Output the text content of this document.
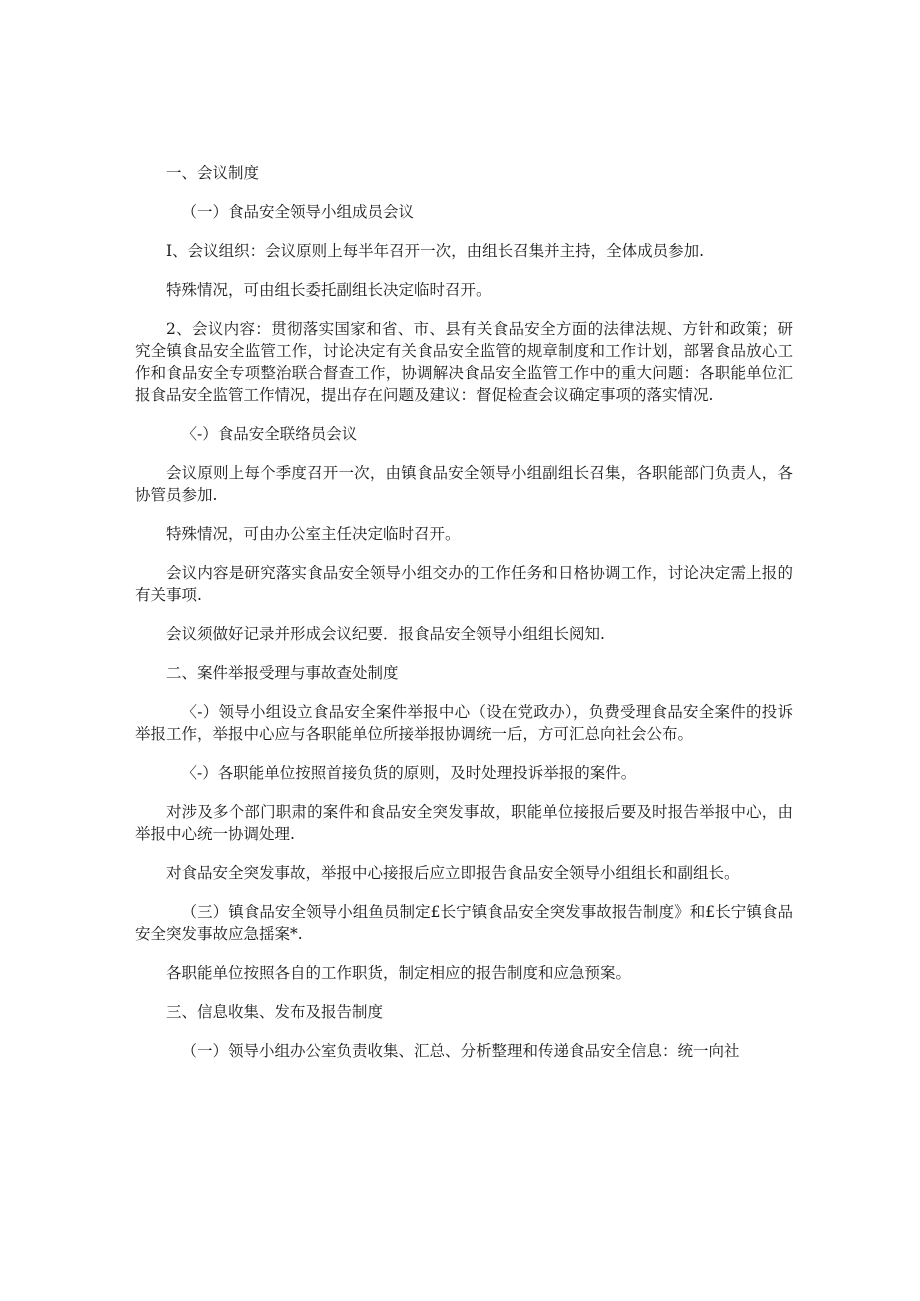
一、会议制度

（一）食品安全领导小组成员会议

I、会议组织：会议原则上每半年召开一次，由组长召集并主持，全体成员参加.

特殊情况，可由组长委托副组长决定临时召开。

2、会议内容：贯彻落实国家和省、市、县有关食品安全方面的法律法规、方针和政策；研究全镇食品安全监管工作，讨论决定有关食品安全监管的规章制度和工作计划，部署食品放心工作和食品安全专项整治联合督查工作，协调解决食品安全监管工作中的重大问题：各职能单位汇报食品安全监管工作情况，提出存在问题及建议：督促检查会议确定事项的落实情况.

〈-）食品安全联络员会议

会议原则上每个季度召开一次，由镇食品安全领导小组副组长召集，各职能部门负责人，各协管员参加.

特殊情况，可由办公室主任决定临时召开。

会议内容是研究落实食品安全领导小组交办的工作任务和日格协调工作，讨论决定需上报的有关事项.

会议须做好记录并形成会议纪要．报食品安全领导小组组长阅知.

二、案件举报受理与事故查处制度

〈-）领导小组设立食品安全案件举报中心（设在党政办），负费受理食品安全案件的投诉举报工作，举报中心应与各职能单位所接举报协调统一后，方可汇总向社会公布。

〈-）各职能单位按照首接负货的原则，及时处理投诉举报的案件。

对涉及多个部门职肃的案件和食品安全突发事故，职能单位接报后要及时报告举报中心，由举报中心统一协调处理.

对食品安全突发事故，举报中心接报后应立即报告食品安全领导小组组长和副组长。

（三）镇食品安全领导小组鱼员制定£长宁镇食品安全突发事故报告制度》和£长宁镇食品安全突发事故应急揺案*.

各职能单位按照各自的工作职货，制定相应的报告制度和应急预案。

三、信息收集、发布及报告制度

（一）领导小组办公室负责收集、汇总、分析整理和传递食品安全信息：统一向社
